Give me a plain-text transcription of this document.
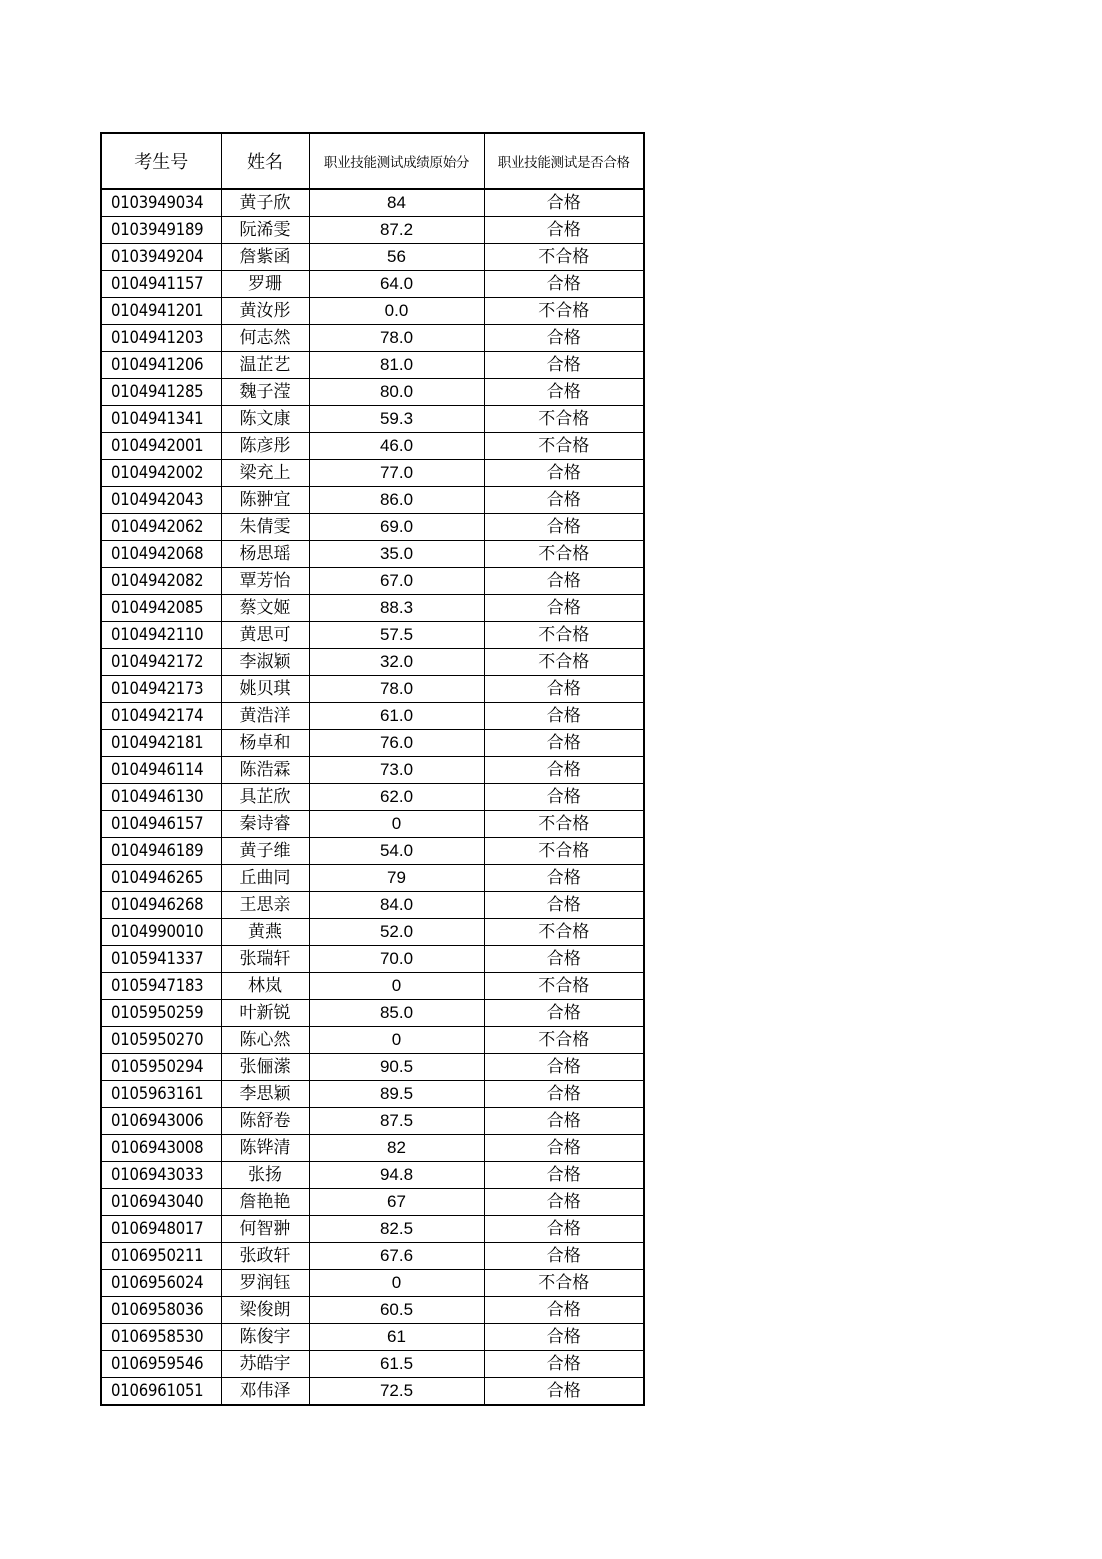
考生号	姓名	职业技能测试成绩原始分	职业技能测试是否合格
0103949034	黄子欣	84	合格
0103949189	阮浠雯	87.2	合格
0103949204	詹紫函	56	不合格
0104941157	罗珊	64.0	合格
0104941201	黄汝彤	0.0	不合格
0104941203	何志然	78.0	合格
0104941206	温芷艺	81.0	合格
0104941285	魏子滢	80.0	合格
0104941341	陈文康	59.3	不合格
0104942001	陈彦彤	46.0	不合格
0104942002	梁充上	77.0	合格
0104942043	陈翀宜	86.0	合格
0104942062	朱倩雯	69.0	合格
0104942068	杨思瑶	35.0	不合格
0104942082	覃芳怡	67.0	合格
0104942085	蔡文姬	88.3	合格
0104942110	黄思可	57.5	不合格
0104942172	李淑颖	32.0	不合格
0104942173	姚贝琪	78.0	合格
0104942174	黄浩洋	61.0	合格
0104942181	杨卓和	76.0	合格
0104946114	陈浩霖	73.0	合格
0104946130	具芷欣	62.0	合格
0104946157	秦诗睿	0	不合格
0104946189	黄子维	54.0	不合格
0104946265	丘曲同	79	合格
0104946268	王思亲	84.0	合格
0104990010	黄燕	52.0	不合格
0105941337	张瑞轩	70.0	合格
0105947183	林岚	0	不合格
0105950259	叶新锐	85.0	合格
0105950270	陈心然	0	不合格
0105950294	张俪潆	90.5	合格
0105963161	李思颖	89.5	合格
0106943006	陈舒卷	87.5	合格
0106943008	陈铧清	82	合格
0106943033	张扬	94.8	合格
0106943040	詹艳艳	67	合格
0106948017	何智翀	82.5	合格
0106950211	张政轩	67.6	合格
0106956024	罗润钰	0	不合格
0106958036	梁俊朗	60.5	合格
0106958530	陈俊宇	61	合格
0106959546	苏皓宇	61.5	合格
0106961051	邓伟泽	72.5	合格
